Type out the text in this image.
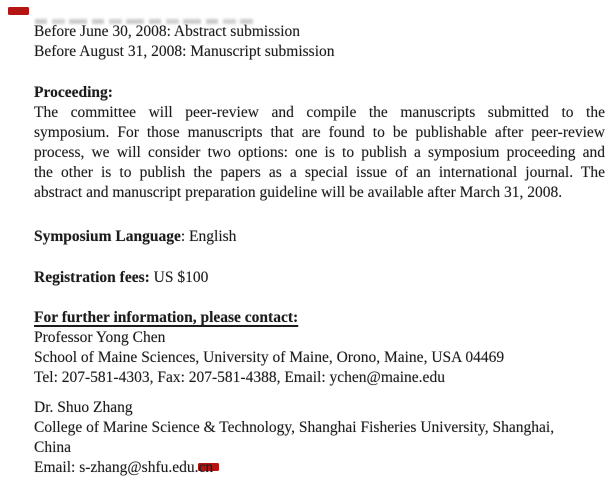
Before June 30, 2008: Abstract submission
Before August 31, 2008: Manuscript submission
Proceeding:
The committee will peer-review and compile the manuscripts submitted to the
symposium. For those manuscripts that are found to be publishable after peer-review
process, we will consider two options: one is to publish a symposium proceeding and
the other is to publish the papers as a special issue of an international journal. The
abstract and manuscript preparation guideline will be available after March 31, 2008.
Symposium Language: English
Registration fees: US $100
For further information, please contact:
Professor Yong Chen
School of Maine Sciences, University of Maine, Orono, Maine, USA 04469
Tel: 207-581-4303, Fax: 207-581-4388, Email: ychen@maine.edu
Dr. Shuo Zhang
College of Marine Science & Technology, Shanghai Fisheries University, Shanghai,
China
Email: s-zhang@shfu.edu.cn
